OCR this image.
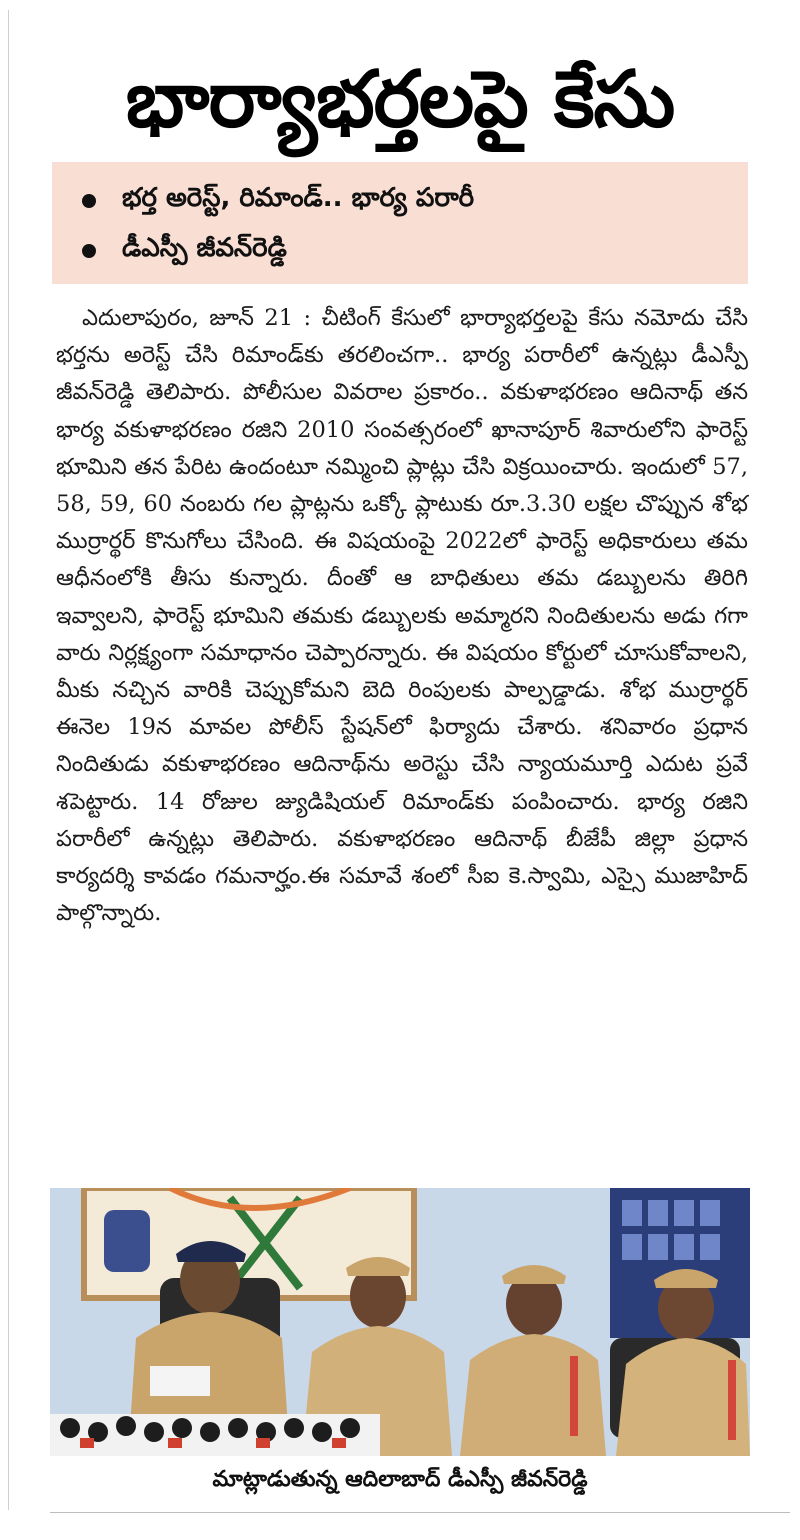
భార్యాభర్తలపై కేసు
భర్త అరెస్ట్, రిమాండ్.. భార్య పరారీ
డీఎస్పీ జీవన్‌రెడ్డి

ఎదులాపురం, జూన్ 21 : చీటింగ్ కేసులో భార్యాభర్తలపై కేసు నమోదు చేసి భర్తను అరెస్ట్ చేసి రిమాండ్‌కు తరలించగా.. భార్య పరారీలో ఉన్నట్లు డీఎస్పీ జీవన్‌రెడ్డి తెలిపారు. పోలీసుల వివరాల ప్రకారం.. వకుళాభరణం ఆదినాథ్ తన భార్య వకుళాభరణం రజిని 2010 సంవత్సరంలో ఖానాపూర్ శివారులోని ఫారెస్ట్ భూమిని తన పేరిట ఉందంటూ నమ్మించి ప్లాట్లు చేసి విక్రయించారు. ఇందులో 57, 58, 59, 60 నంబరు గల ప్లాట్లను ఒక్కో ప్లాటుకు రూ.3.30 లక్షల చొప్పున శోభ ముర్రార్థర్ కొనుగోలు చేసింది. ఈ విషయంపై 2022లో ఫారెస్ట్ అధికారులు తమ ఆధీనంలోకి తీసు కున్నారు. దీంతో ఆ బాధితులు తమ డబ్బులను తిరిగి ఇవ్వాలని, ఫారెస్ట్ భూమిని తమకు డబ్బులకు అమ్మారని నిందితులను అడు గగా వారు నిర్లక్ష్యంగా సమాధానం చెప్పారన్నారు. ఈ విషయం కోర్టులో చూసుకోవాలని, మీకు నచ్చిన వారికి చెప్పుకోమని బెది రింపులకు పాల్పడ్డాడు. శోభ ముర్రార్థర్ ఈనెల 19న మావల పోలీస్ స్టేషన్‌లో ఫిర్యాదు చేశారు. శనివారం ప్రధాన నిందితుడు వకుళాభరణం ఆదినాథ్‌ను అరెస్టు చేసి న్యాయమూర్తి ఎదుట ప్రవే శపెట్టారు. 14 రోజుల జ్యుడిషియల్ రిమాండ్‌కు పంపించారు. భార్య రజిని పరారీలో ఉన్నట్లు తెలిపారు. వకుళాభరణం ఆదినాథ్ బీజేపీ జిల్లా ప్రధాన కార్యదర్శి కావడం గమనార్హం.ఈ సమావే శంలో సీఐ కె.స్వామి, ఎస్సై ముజాహిద్ పాల్గొన్నారు.

మాట్లాడుతున్న ఆదిలాబాద్ డీఎస్పీ జీవన్‌రెడ్డి
